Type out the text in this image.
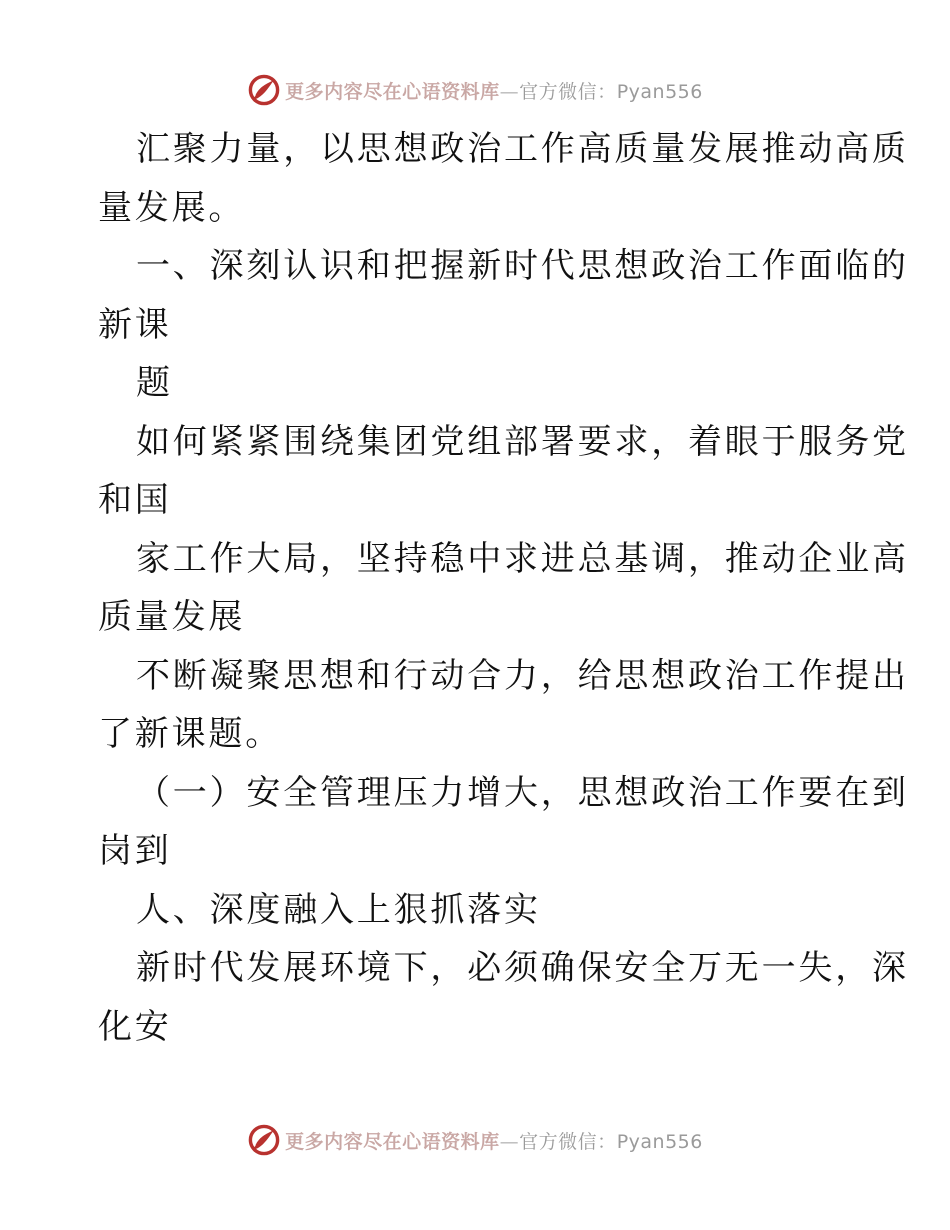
更多内容尽在心语资料库—官方微信：Pyan556
汇聚力量，以思想政治工作高质量发展推动高质
量发展。
一、深刻认识和把握新时代思想政治工作面临的
新课
题
如何紧紧围绕集团党组部署要求，着眼于服务党
和国
家工作大局，坚持稳中求进总基调，推动企业高
质量发展
不断凝聚思想和行动合力，给思想政治工作提出
了新课题。
（一）安全管理压力增大，思想政治工作要在到
岗到
人、深度融入上狠抓落实
新时代发展环境下，必须确保安全万无一失，深
化安
更多内容尽在心语资料库—官方微信：Pyan556
